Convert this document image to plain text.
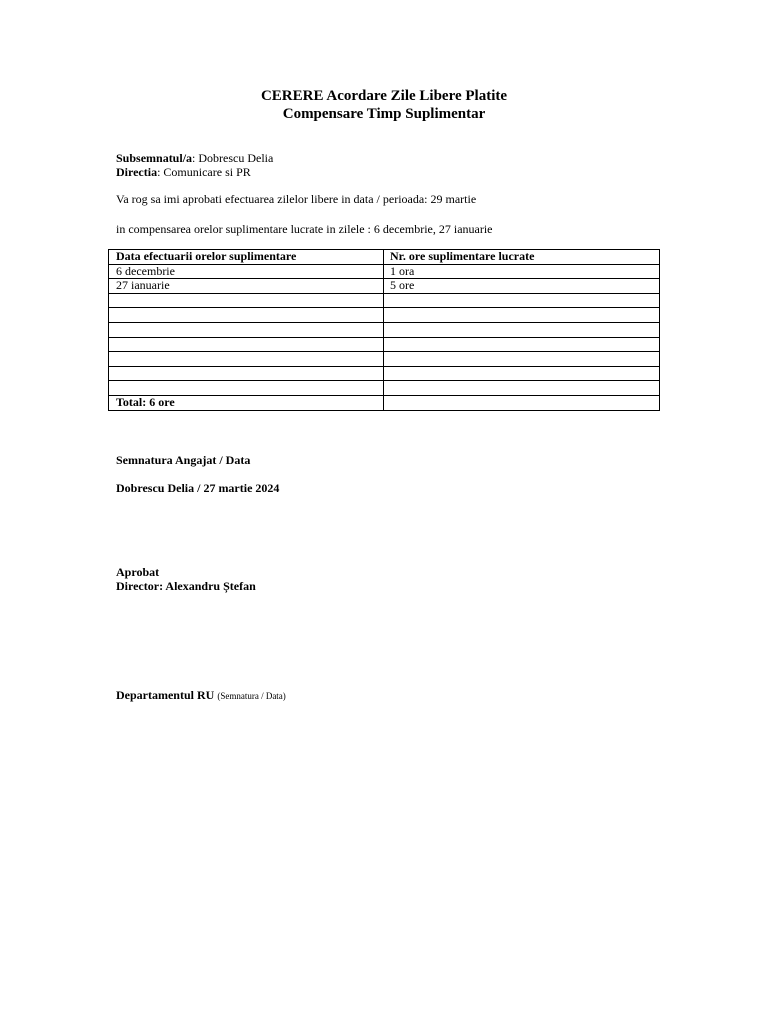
CERERE Acordare Zile Libere Platite
Compensare Timp Suplimentar
Subsemnatul/a: Dobrescu Delia
Directia: Comunicare si PR
Va rog sa imi aprobati efectuarea zilelor libere in data / perioada: 29 martie
in compensarea orelor suplimentare lucrate in zilele : 6 decembrie, 27 ianuarie
Data efectuarii orelor suplimentare	Nr. ore suplimentare lucrate
6 decembrie	1 ora
27 ianuarie	5 ore

Total: 6 ore	
Semnatura Angajat / Data
Dobrescu Delia / 27 martie 2024
Aprobat
Director: Alexandru Ștefan
Departamentul RU (Semnatura / Data)
